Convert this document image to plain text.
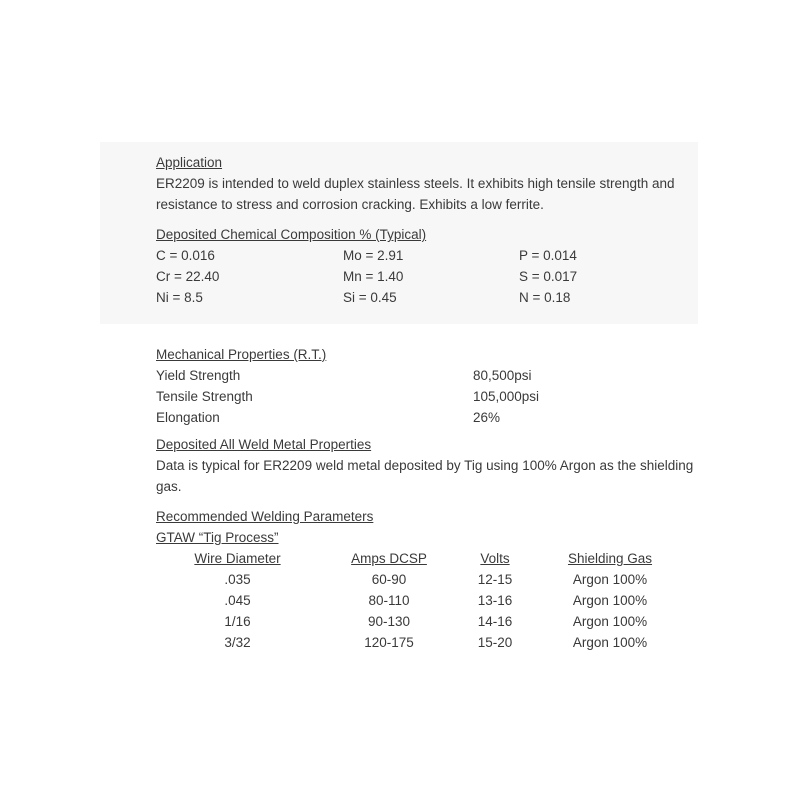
Application
ER2209 is intended to weld duplex stainless steels. It exhibits high tensile strength and resistance to stress and corrosion cracking. Exhibits a low ferrite.
Deposited Chemical Composition % (Typical)
C = 0.016	Mo = 2.91	P = 0.014
Cr = 22.40	Mn = 1.40	S = 0.017
Ni = 8.5	Si = 0.45	N = 0.18
Mechanical Properties (R.T.)
Yield Strength	80,500psi
Tensile Strength	105,000psi
Elongation	26%
Deposited All Weld Metal Properties
Data is typical for ER2209 weld metal deposited by Tig using 100% Argon as the shielding gas.
Recommended Welding Parameters
GTAW “Tig Process”
Wire Diameter	Amps DCSP	Volts	Shielding Gas
.035	60-90	12-15	Argon 100%
.045	80-110	13-16	Argon 100%
1/16	90-130	14-16	Argon 100%
3/32	120-175	15-20	Argon 100%
